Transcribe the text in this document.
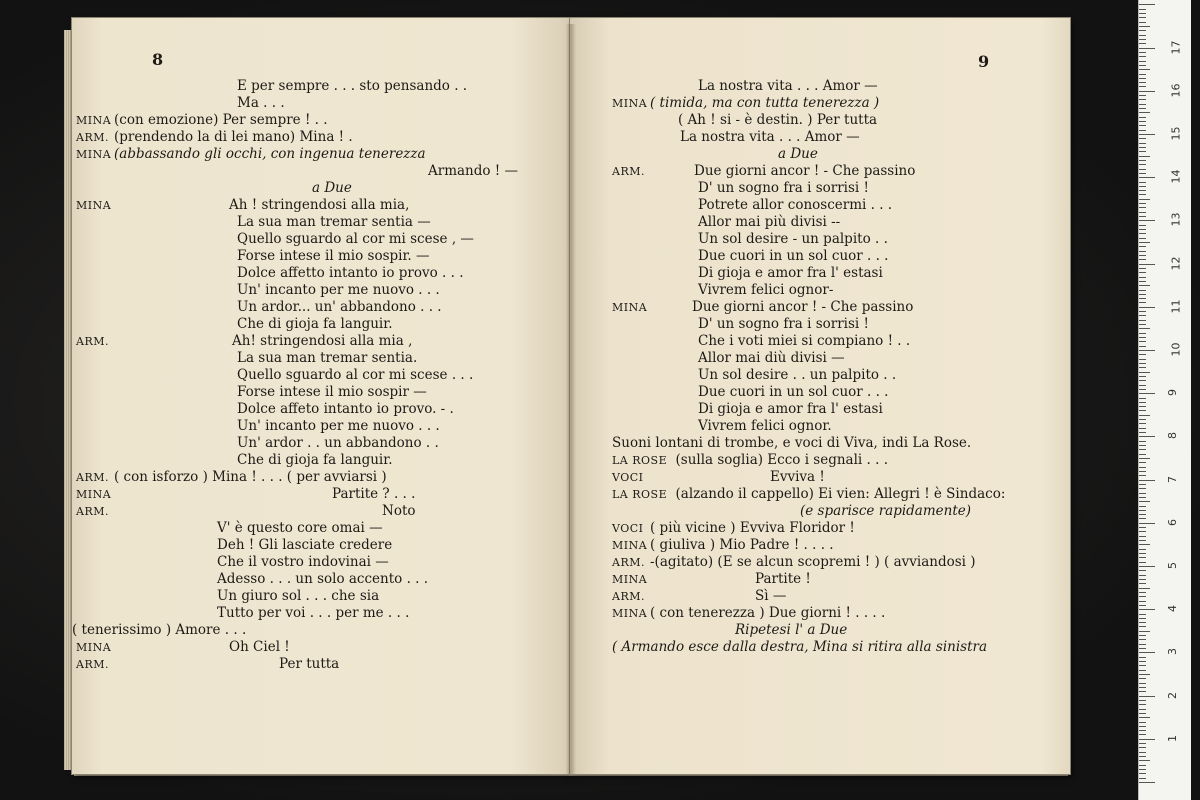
8
E per sempre . . . sto pensando . .
Ma . . .
MINA (con emozione) Per sempre ! . .
ARM. (prendendo la di lei mano) Mina ! .
MINA (abbassando gli occhi, con ingenua tenerezza
Armando ! —
a Due
MINA	Ah ! stringendosi alla mia,
La sua man tremar sentia —
Quello sguardo al cor mi scese , —
Forse intese il mio sospir. —
Dolce affetto intanto io provo . . .
Un' incanto per me nuovo . . .
Un ardor... un' abbandono . . .
Che di gioja fa languir.
ARM.	Ah! stringendosi alla mia ,
La sua man tremar sentia.
Quello sguardo al cor mi scese . . .
Forse intese il mio sospir —
Dolce affeto intanto io provo. - .
Un' incanto per me nuovo . . .
Un' ardor . . un abbandono . .
Che di gioja fa languir.
ARM. ( con isforzo ) Mina ! . . . ( per avviarsi )
MINA	Partite ? . . .
ARM.	Noto
V' è questo core omai —
Deh ! Gli lasciate credere
Che il vostro indovinai —
Adesso . . . un solo accento . . .
Un giuro sol . . . che sia
Tutto per voi . . . per me . . .
( tenerissimo ) Amore . . .
MINA	Oh Ciel !
ARM.	Per tutta
9
La nostra vita . . . Amor —
MINA ( timida, ma con tutta tenerezza )
( Ah ! si - è destin. ) Per tutta
La nostra vita . . . Amor —
a Due
ARM.	Due giorni ancor ! - Che passino
D' un sogno fra i sorrisi !
Potrete allor conoscermi . . .
Allor mai più divisi --
Un sol desire - un palpito . .
Due cuori in un sol cuor . . .
Di gioja e amor fra l' estasi
Vivrem felici ognor-
MINA	Due giorni ancor ! - Che passino
D' un sogno fra i sorrisi !
Che i voti miei si compiano ! . .
Allor mai diù divisi —
Un sol desire . . un palpito . .
Due cuori in un sol cuor . . .
Di gioja e amor fra l' estasi
Vivrem felici ognor.
Suoni lontani di trombe, e voci di Viva, indi La Rose.
LA ROSE (sulla soglia) Ecco i segnali . . .
VOCI	Evviva !
LA ROSE (alzando il cappello) Ei vien: Allegri ! è Sindaco:
(e sparisce rapidamente)
VOCI ( più vicine ) Evviva Floridor !
MINA ( giuliva ) Mio Padre ! . . . .
ARM. -(agitato) (E se alcun scopremi ! ) ( avviandosi )
MINA	Partite !
ARM.	Sì —
MINA ( con tenerezza ) Due giorni ! . . . .
Ripetesi l' a Due
( Armando esce dalla destra, Mina si ritira alla sinistra
1
2
3
4
5
6
7
8
9
10
11
12
13
14
15
16
17
